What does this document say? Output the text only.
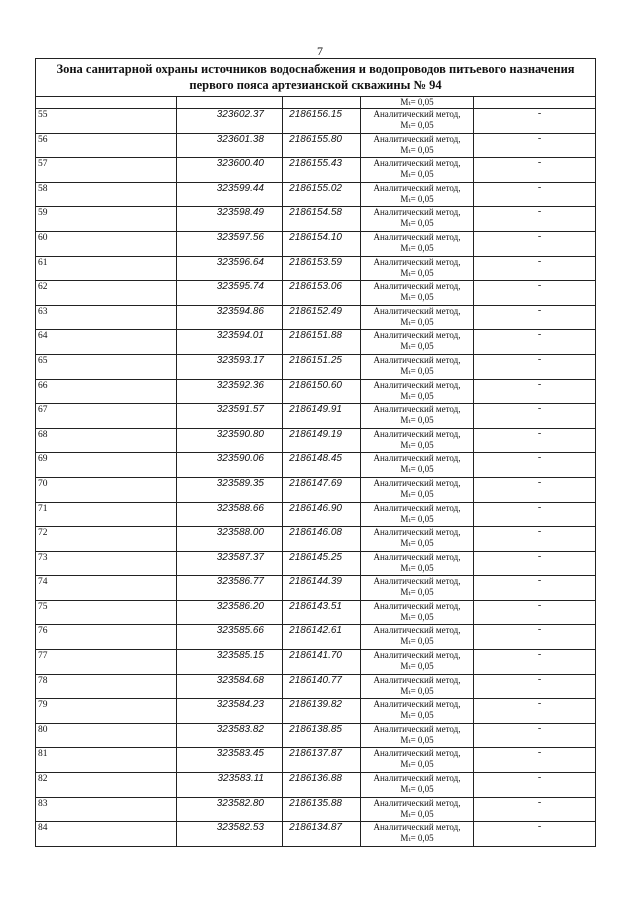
7
Зона санитарной охраны источников водоснабжения и водопроводов питьевого назначения
первого пояса артезианской скважины № 94				

			Мₜ= 0,05	
55	323602.37	2186156.15	Аналитический метод,
Мₜ= 0,05	-
56	323601.38	2186155.80	Аналитический метод,
Мₜ= 0,05	-
57	323600.40	2186155.43	Аналитический метод,
Мₜ= 0,05	-
58	323599.44	2186155.02	Аналитический метод,
Мₜ= 0,05	-
59	323598.49	2186154.58	Аналитический метод,
Мₜ= 0,05	-
60	323597.56	2186154.10	Аналитический метод,
Мₜ= 0,05	-
61	323596.64	2186153.59	Аналитический метод,
Мₜ= 0,05	-
62	323595.74	2186153.06	Аналитический метод,
Мₜ= 0,05	-
63	323594.86	2186152.49	Аналитический метод,
Мₜ= 0,05	-
64	323594.01	2186151.88	Аналитический метод,
Мₜ= 0,05	-
65	323593.17	2186151.25	Аналитический метод,
Мₜ= 0,05	-
66	323592.36	2186150.60	Аналитический метод,
Мₜ= 0,05	-
67	323591.57	2186149.91	Аналитический метод,
Мₜ= 0,05	-
68	323590.80	2186149.19	Аналитический метод,
Мₜ= 0,05	-
69	323590.06	2186148.45	Аналитический метод,
Мₜ= 0,05	-
70	323589.35	2186147.69	Аналитический метод,
Мₜ= 0,05	-
71	323588.66	2186146.90	Аналитический метод,
Мₜ= 0,05	-
72	323588.00	2186146.08	Аналитический метод,
Мₜ= 0,05	-
73	323587.37	2186145.25	Аналитический метод,
Мₜ= 0,05	-
74	323586.77	2186144.39	Аналитический метод,
Мₜ= 0,05	-
75	323586.20	2186143.51	Аналитический метод,
Мₜ= 0,05	-
76	323585.66	2186142.61	Аналитический метод,
Мₜ= 0,05	-
77	323585.15	2186141.70	Аналитический метод,
Мₜ= 0,05	-
78	323584.68	2186140.77	Аналитический метод,
Мₜ= 0,05	-
79	323584.23	2186139.82	Аналитический метод,
Мₜ= 0,05	-
80	323583.82	2186138.85	Аналитический метод,
Мₜ= 0,05	-
81	323583.45	2186137.87	Аналитический метод,
Мₜ= 0,05	-
82	323583.11	2186136.88	Аналитический метод,
Мₜ= 0,05	-
83	323582.80	2186135.88	Аналитический метод,
Мₜ= 0,05	-
84	323582.53	2186134.87	Аналитический метод,
Мₜ= 0,05	-
